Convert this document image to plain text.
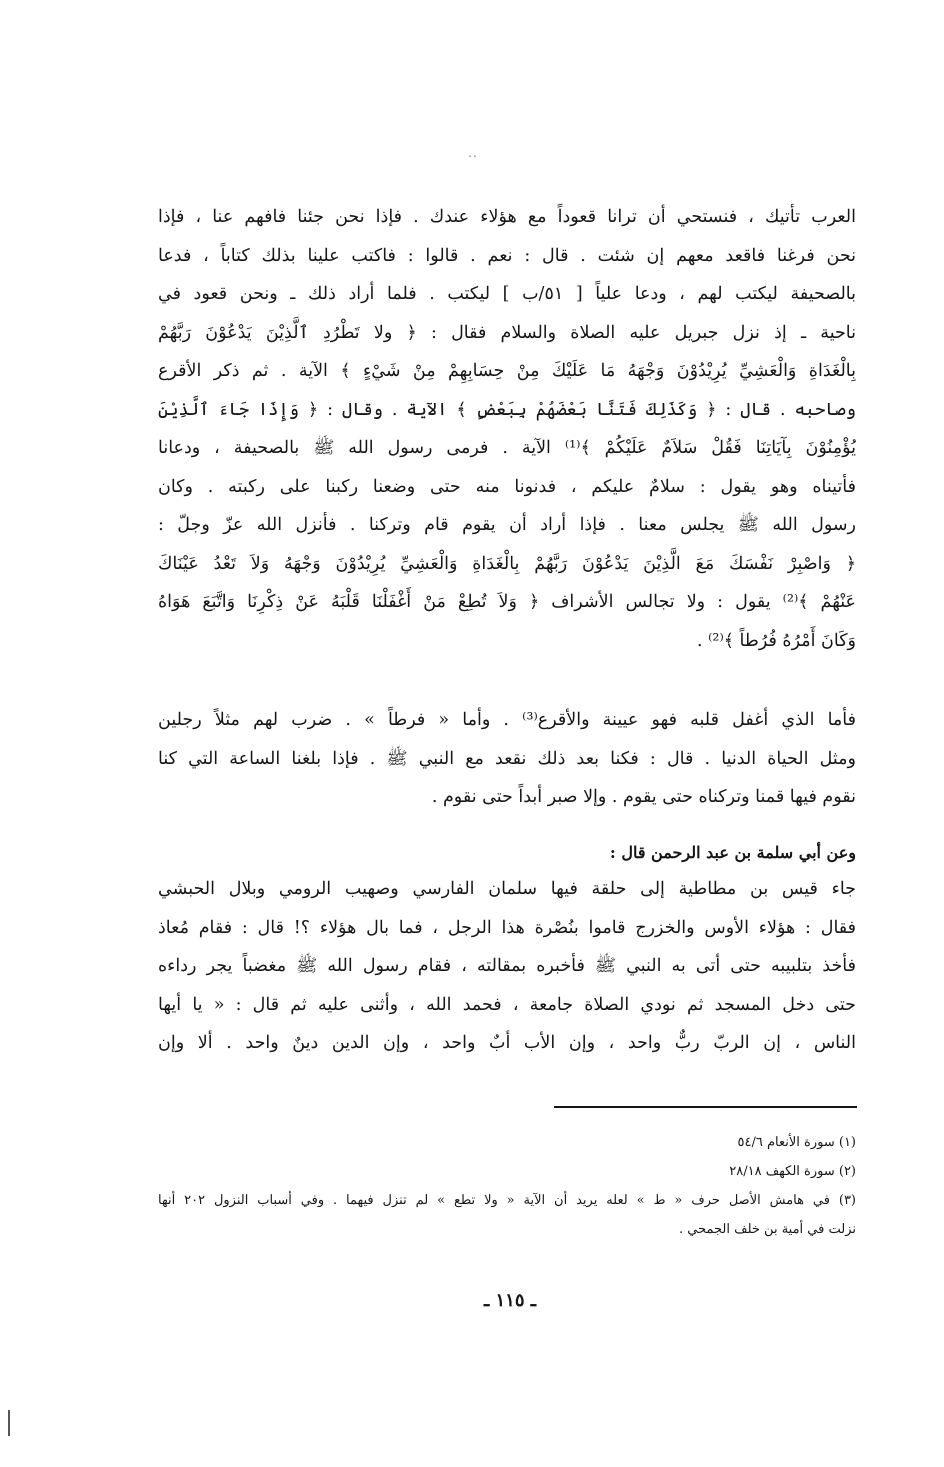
..
العرب تأتيك ، فنستحي أن ترانا قعوداً مع هؤلاء عندك . فإذا نحن جئنا فافهم عنا ، فإذا
نحن فرغنا فاقعد معهم إن شئت . قال : نعم . قالوا : فاكتب علينا بذلك كتاباً ، فدعا
بالصحيفة ليكتب لهم ، ودعا علياً [ ٥١/ب ] ليكتب . فلما أراد ذلك ـ ونحن قعود في
ناحية ـ إذ نزل جبريل عليه الصلاة والسلام فقال : ﴿ ولا تَطْرُدِ ٱلَّذِيْنَ يَدْعُوْنَ رَبَّهُمْ
بِالْغَدَاةِ وَالْعَشِيِّ يُرِيْدُوْنَ وَجْهَهُ مَا عَلَيْكَ مِنْ حِسَابِهِمْ مِنْ شَيْءٍ ﴾ الآية . ثم ذكر الأقرع
وصاحبه . قال : ﴿ وَكَذَلِكَ فَتَنَّا بَعْضَهُمْ بِبَعْضٍ ﴾ الآية . وقال : ﴿ وَإِذَا جَاءَ ٱلَّذِيْنَ
يُؤْمِنُوْنَ بِآيَاتِنَا فَقُلْ سَلاَمٌ عَلَيْكُمْ ﴾⁽¹⁾ الآية . فرمى رسول الله ﷺ بالصحيفة ، ودعانا
فأتيناه وهو يقول : سلامٌ عليكم ، فدنونا منه حتى وضعنا ركبنا على ركبته . وكان
رسول الله ﷺ يجلس معنا . فإذا أراد أن يقوم قام وتركنا . فأنزل الله عزّ وجلّ :
﴿ وَاصْبِرْ نَفْسَكَ مَعَ الَّذِيْنَ يَدْعُوْنَ رَبَّهُمْ بِالْغَدَاةِ وَالْعَشِيِّ يُرِيْدُوْنَ وَجْهَهُ وَلاَ تَعْدُ عَيْنَاكَ
عَنْهُمْ ﴾⁽²⁾ يقول : ولا تجالس الأشراف ﴿ وَلاَ تُطِعْ مَنْ أَغْفَلْنَا قَلْبَهُ عَنْ ذِكْرِنَا وَاتَّبَعَ هَوَاهُ
وَكَانَ أَمْرُهُ فُرُطاً ﴾⁽²⁾ .
فأما الذي أغفل قلبه فهو عيينة والأقرع⁽³⁾ . وأما « فرطاً » . ضرب لهم مثلاً رجلين
ومثل الحياة الدنيا . قال : فكنا بعد ذلك نقعد مع النبي ﷺ . فإذا بلغنا الساعة التي كنا
نقوم فيها قمنا وتركناه حتى يقوم . وإلا صبر أبداً حتى نقوم .
وعن أبي سلمة بن عبد الرحمن قال :
جاء قيس بن مطاطية إلى حلقة فيها سلمان الفارسي وصهيب الرومي وبلال الحبشي
فقال : هؤلاء الأوس والخزرج قاموا بنُصْرة هذا الرجل ، فما بال هؤلاء ؟! قال : فقام مُعاذ
فأخذ بتلبيبه حتى أتى به النبي ﷺ فأخبره بمقالته ، فقام رسول الله ﷺ مغضباً يجر رداءه
حتى دخل المسجد ثم نودي الصلاة جامعة ، فحمد الله ، وأثنى عليه ثم قال : « يا أيها
الناس ، إن الربّ ربٌّ واحد ، وإن الأب أبٌ واحد ، وإن الدين دينٌ واحد . ألا وإن
(١) سورة الأنعام ٥٤/٦
(٢) سورة الكهف ٢٨/١٨
(٣) في هامش الأصل حرف « ط » لعله يريد أن الآية « ولا تطع » لم تنزل فيهما . وفي أسباب النزول ٢٠٢ أنها
نزلت في أمية بن خلف الجمحي .
ـ ١١٥ ـ
